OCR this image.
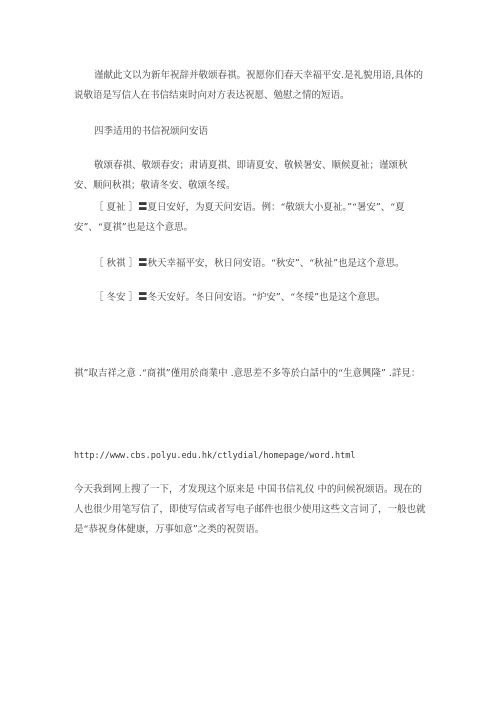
谨献此文以为新年祝辞并敬颂春祺。祝愿你们春天幸福平安.是礼貌用语,具体的说敬语是写信人在书信结束时向对方表达祝愿、勉慰之情的短语。

四季适用的书信祝颂问安语

敬颂春祺、敬颂春安；肃请夏祺、即请夏安、敬候暑安、顺候夏祉；谨颂秋安、顺问秋祺；敬请冬安、敬颂冬绥。

［ 夏祉 ］〓夏日安好，为夏天问安语。例：“敬颂大小夏祉。”“暑安”、“夏安”、“夏祺”也是这个意思。

［ 秋祺 ］〓秋天幸福平安，秋日问安语。“秋安”、“秋祉”也是这个意思。

［ 冬安 ］〓冬天安好。冬日问安语。“炉安”、“冬绥”也是这个意思。

祺”取吉祥之意 .“商祺”僅用於商業中 .意思差不多等於白話中的“生意興隆” .詳見：

http://www.cbs.polyu.edu.hk/ctlydial/homepage/word.html

今天我到网上搜了一下，才发现这个原来是 中国书信礼仪 中的问候祝颂语。现在的人也很少用笔写信了，即使写信或者写电子邮件也很少使用这些文言词了，一般也就是“恭祝身体健康，万事如意”之类的祝贺语。
